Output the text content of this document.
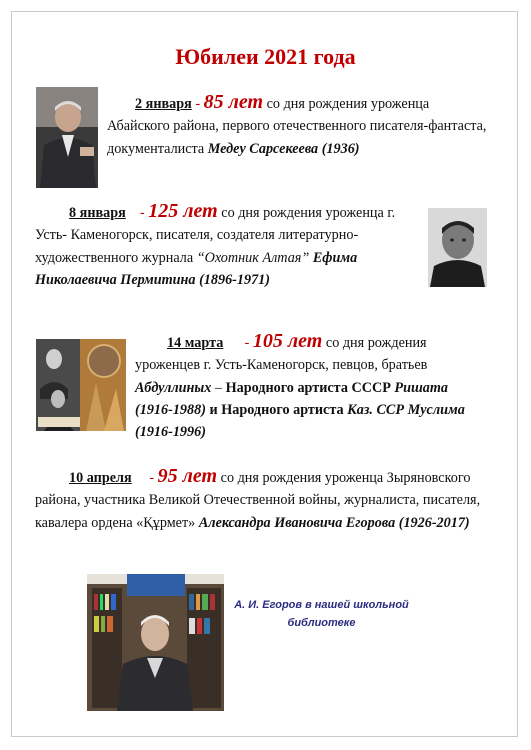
Юбилеи 2021 года
2 января - 85 лет со дня рождения уроженца Абайского района, первого отечественного писателя-фантаста, документалиста Медеу Сарсекеева (1936)
8 января - 125 лет со дня рождения уроженца г. Усть- Каменогорск, писателя, создателя литературно-художественного журнала “Охотник Алтая” Ефима Николаевича Пермитина (1896-1971)
14 марта - 105 лет со дня рождения уроженцев г. Усть-Каменогорск, певцов, братьев Абдуллиных – Народного артиста СССР Ришата (1916-1988) и Народного артиста Каз. ССР Муслима (1916-1996)
10 апреля - 95 лет со дня рождения уроженца Зыряновского района, участника Великой Отечественной войны, журналиста, писателя, кавалера ордена «Құрмет» Александра Ивановича Егорова (1926-2017)
А. И. Егоров в нашей школьной
библиотеке
